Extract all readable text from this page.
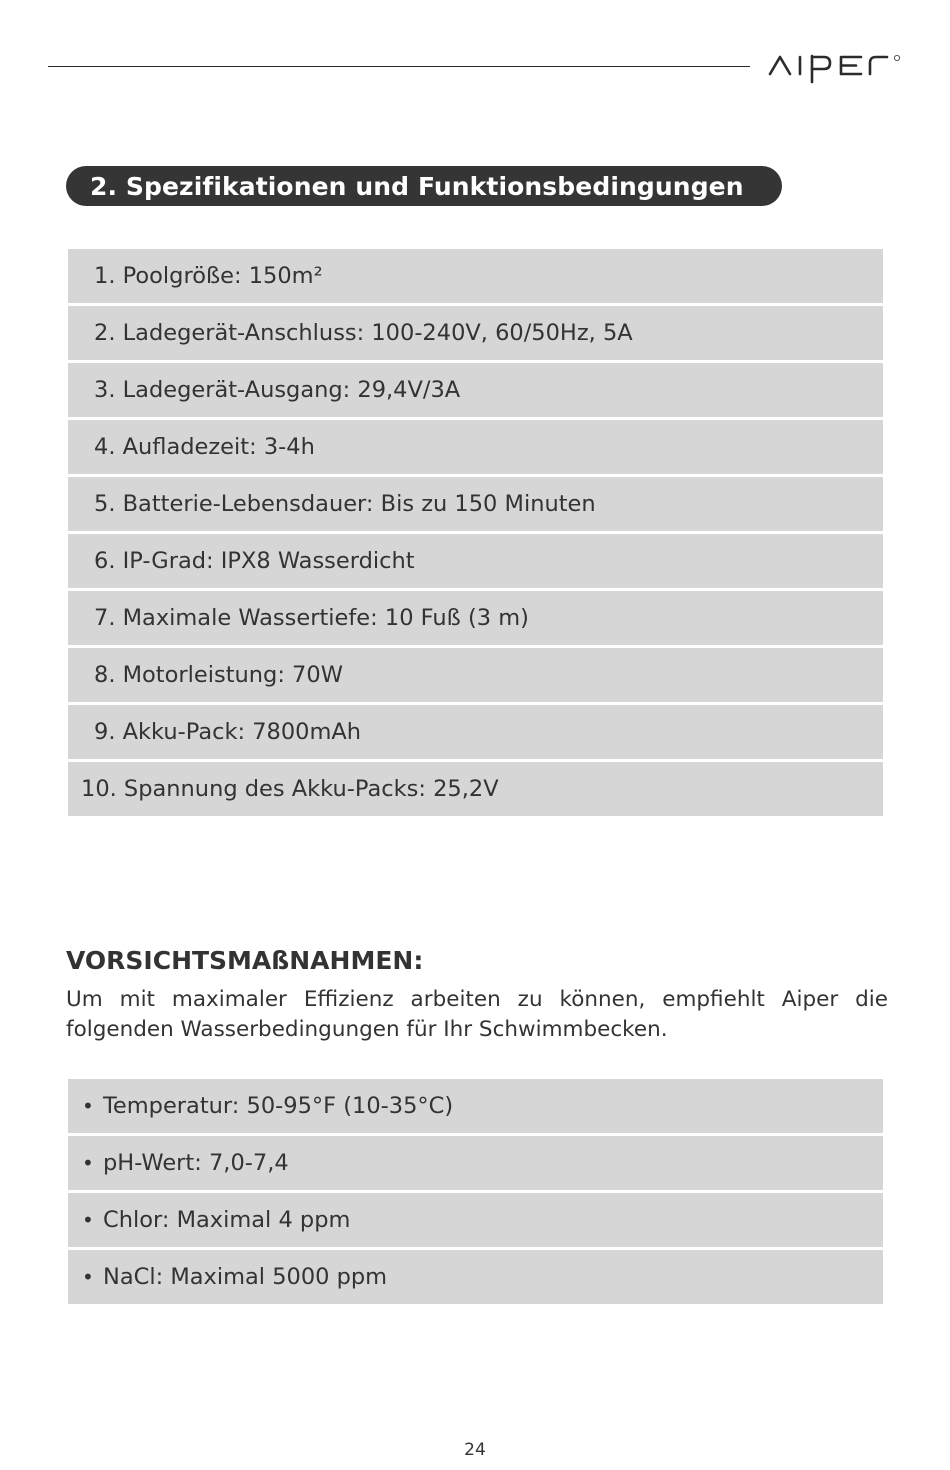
2. Spezifikationen und Funktionsbedingungen
1. Poolgröße: 150m²
2. Ladegerät-Anschluss: 100-240V, 60/50Hz, 5A
3. Ladegerät-Ausgang: 29,4V/3A
4. Aufladezeit: 3-4h
5. Batterie-Lebensdauer: Bis zu 150 Minuten
6. IP-Grad: IPX8 Wasserdicht
7. Maximale Wassertiefe: 10 Fuß (3 m)
8. Motorleistung: 70W
9. Akku-Pack: 7800mAh
10. Spannung des Akku-Packs: 25,2V
VORSICHTSMAßNAHMEN:

Um mit maximaler Effizienz arbeiten zu können, empfiehlt Aiper die folgenden Wasserbedingungen für Ihr Schwimmbecken.

• Temperatur: 50-95°F (10-35°C)
• pH-Wert: 7,0-7,4
• Chlor: Maximal 4 ppm
• NaCl: Maximal 5000 ppm
24
